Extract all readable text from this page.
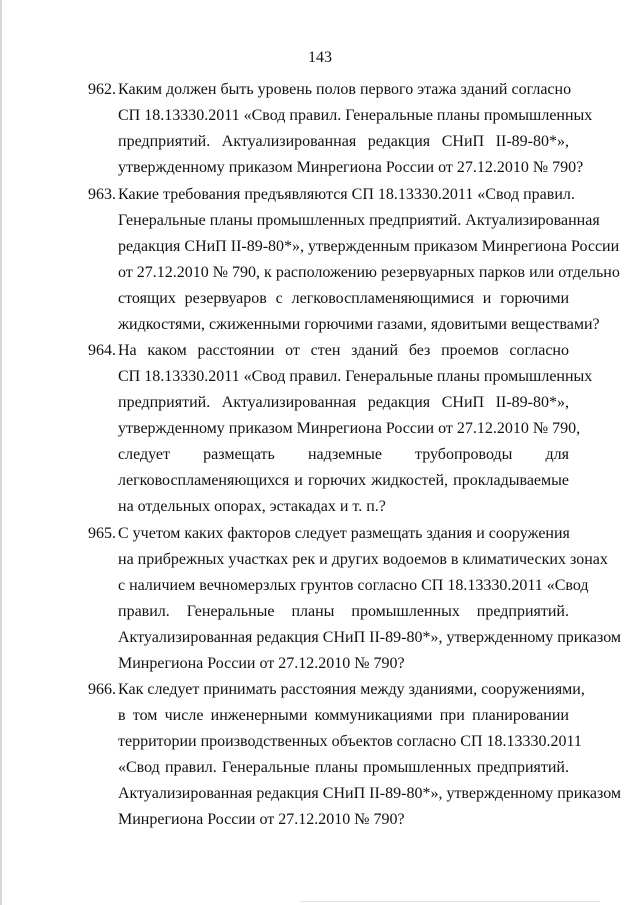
143
962. Каким должен быть уровень полов первого этажа зданий согласно
СП 18.13330.2011 «Свод правил. Генеральные планы промышленных
предприятий. Актуализированная редакция СНиП II-89-80*»,
утвержденному приказом Минрегиона России от 27.12.2010 № 790?
963. Какие требования предъявляются СП 18.13330.2011 «Свод правил.
Генеральные планы промышленных предприятий. Актуализированная
редакция СНиП II-89-80*», утвержденным приказом Минрегиона России
от 27.12.2010 № 790, к расположению резервуарных парков или отдельно
стоящих резервуаров с легковоспламеняющимися и горючими
жидкостями, сжиженными горючими газами, ядовитыми веществами?
964. На каком расстоянии от стен зданий без проемов согласно
СП 18.13330.2011 «Свод правил. Генеральные планы промышленных
предприятий. Актуализированная редакция СНиП II-89-80*»,
утвержденному приказом Минрегиона России от 27.12.2010 № 790,
следует размещать надземные трубопроводы для
легковоспламеняющихся и горючих жидкостей, прокладываемые
на отдельных опорах, эстакадах и т. п.?
965. С учетом каких факторов следует размещать здания и сооружения
на прибрежных участках рек и других водоемов в климатических зонах
с наличием вечномерзлых грунтов согласно СП 18.13330.2011 «Свод
правил. Генеральные планы промышленных предприятий.
Актуализированная редакция СНиП II-89-80*», утвержденному приказом
Минрегиона России от 27.12.2010 № 790?
966. Как следует принимать расстояния между зданиями, сооружениями,
в том числе инженерными коммуникациями при планировании
территории производственных объектов согласно СП 18.13330.2011
«Свод правил. Генеральные планы промышленных предприятий.
Актуализированная редакция СНиП II-89-80*», утвержденному приказом
Минрегиона России от 27.12.2010 № 790?
